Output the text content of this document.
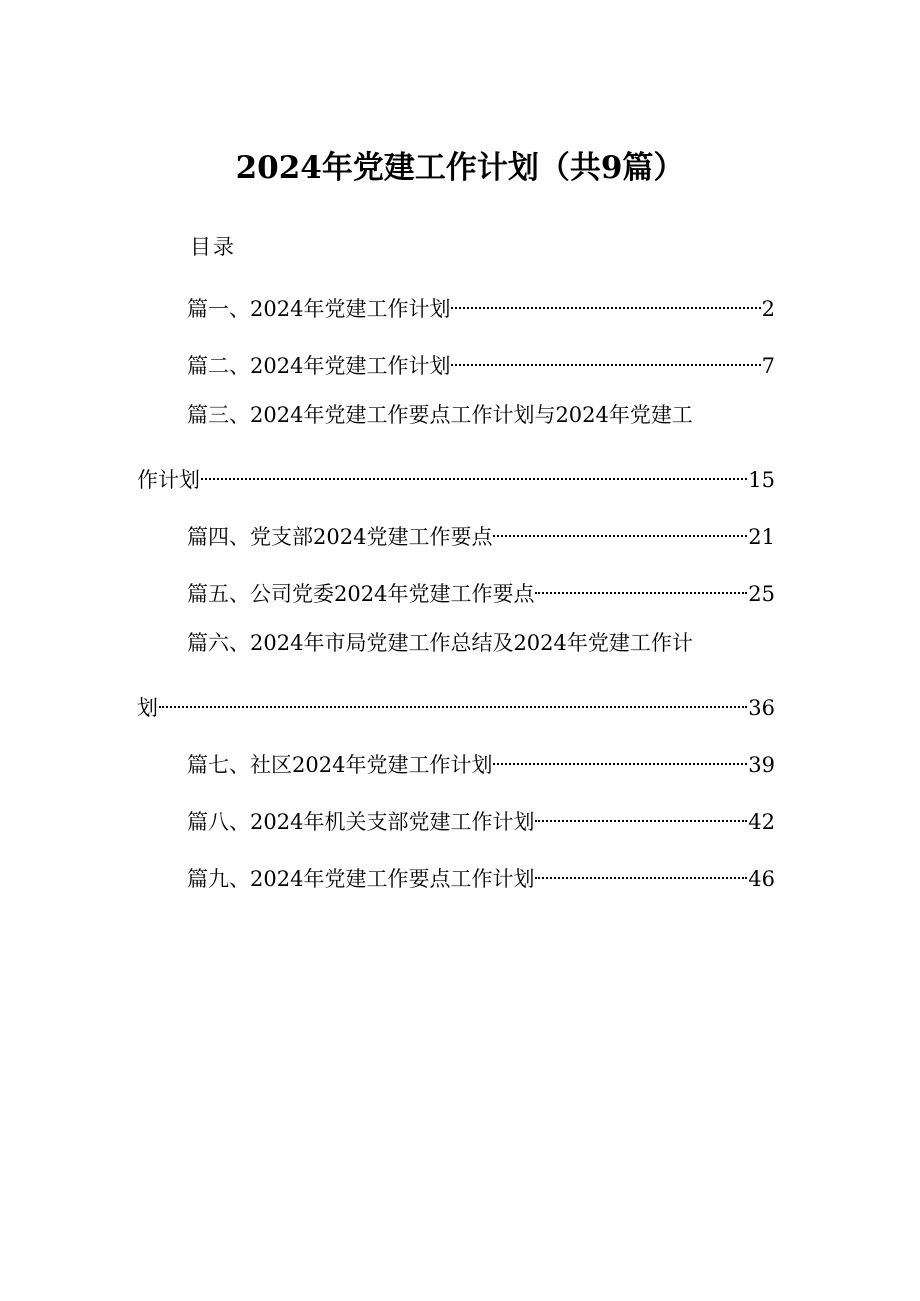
2024年党建工作计划（共9篇）
目录
篇一、2024年党建工作计划	2
篇二、2024年党建工作计划	7
篇三、2024年党建工作要点工作计划与2024年党建工
作计划	15
篇四、党支部2024党建工作要点	21
篇五、公司党委2024年党建工作要点	25
篇六、2024年市局党建工作总结及2024年党建工作计
划	36
篇七、社区2024年党建工作计划	39
篇八、2024年机关支部党建工作计划	42
篇九、2024年党建工作要点工作计划	46
